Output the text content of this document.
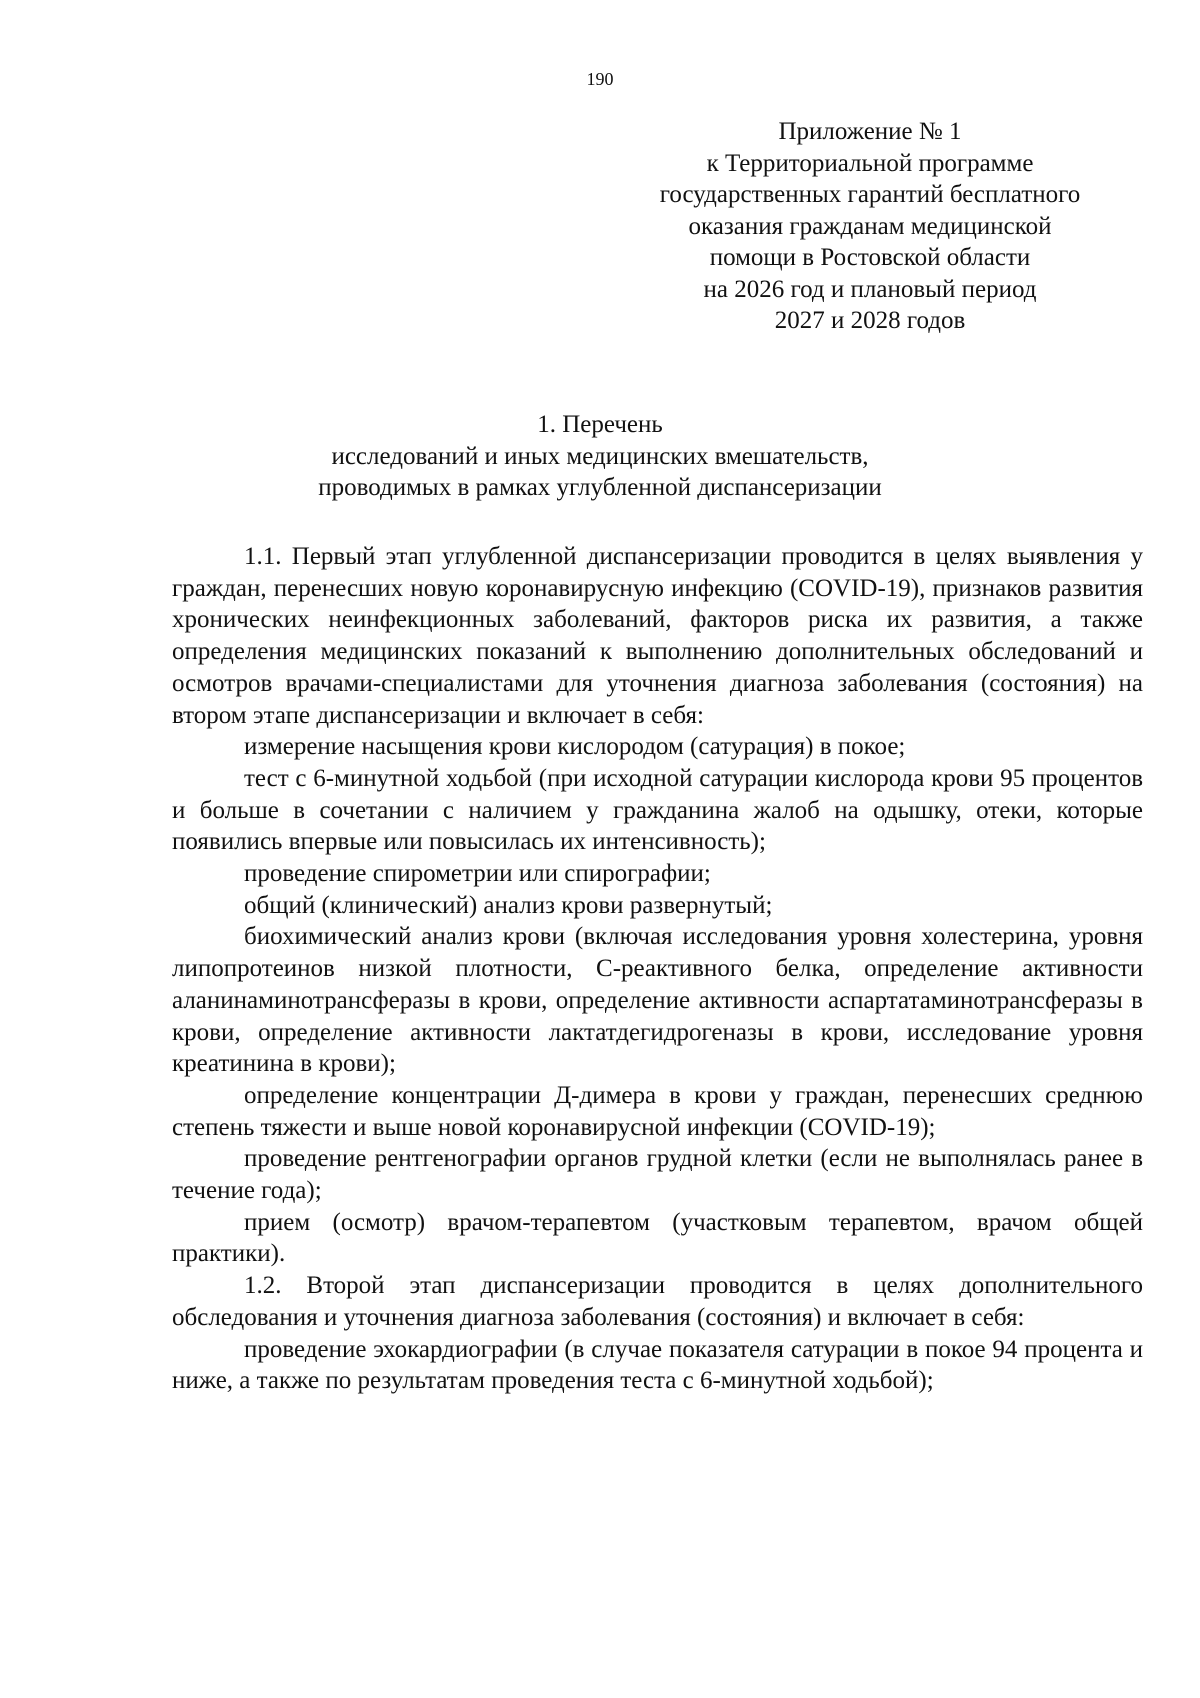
190
Приложение № 1
к Территориальной программе
государственных гарантий бесплатного
оказания гражданам медицинской
помощи в Ростовской области
на 2026 год и плановый период
2027 и 2028 годов
1. Перечень
исследований и иных медицинских вмешательств,
проводимых в рамках углубленной диспансеризации

1.1. Первый этап углубленной диспансеризации проводится в целях выявления у граждан, перенесших новую коронавирусную инфекцию (COVID-19), признаков развития хронических неинфекционных заболеваний, факторов риска их развития, а также определения медицинских показаний к выполнению дополнительных обследований и осмотров врачами-специалистами для уточнения диагноза заболевания (состояния) на втором этапе диспансеризации и включает в себя:

измерение насыщения крови кислородом (сатурация) в покое;

тест с 6-минутной ходьбой (при исходной сатурации кислорода крови 95 процентов и больше в сочетании с наличием у гражданина жалоб на одышку, отеки, которые появились впервые или повысилась их интенсивность);

проведение спирометрии или спирографии;

общий (клинический) анализ крови развернутый;

биохимический анализ крови (включая исследования уровня холестерина, уровня липопротеинов низкой плотности, С-реактивного белка, определение активности аланинаминотрансферазы в крови, определение активности аспартатаминотрансферазы в крови, определение активности лактатдегидрогеназы в крови, исследование уровня креатинина в крови);

определение концентрации Д-димера в крови у граждан, перенесших среднюю степень тяжести и выше новой коронавирусной инфекции (COVID-19);

проведение рентгенографии органов грудной клетки (если не выполнялась ранее в течение года);

прием (осмотр) врачом-терапевтом (участковым терапевтом, врачом общей практики).

1.2. Второй этап диспансеризации проводится в целях дополнительного обследования и уточнения диагноза заболевания (состояния) и включает в себя:

проведение эхокардиографии (в случае показателя сатурации в покое 94 процента и ниже, а также по результатам проведения теста с 6-минутной ходьбой);
